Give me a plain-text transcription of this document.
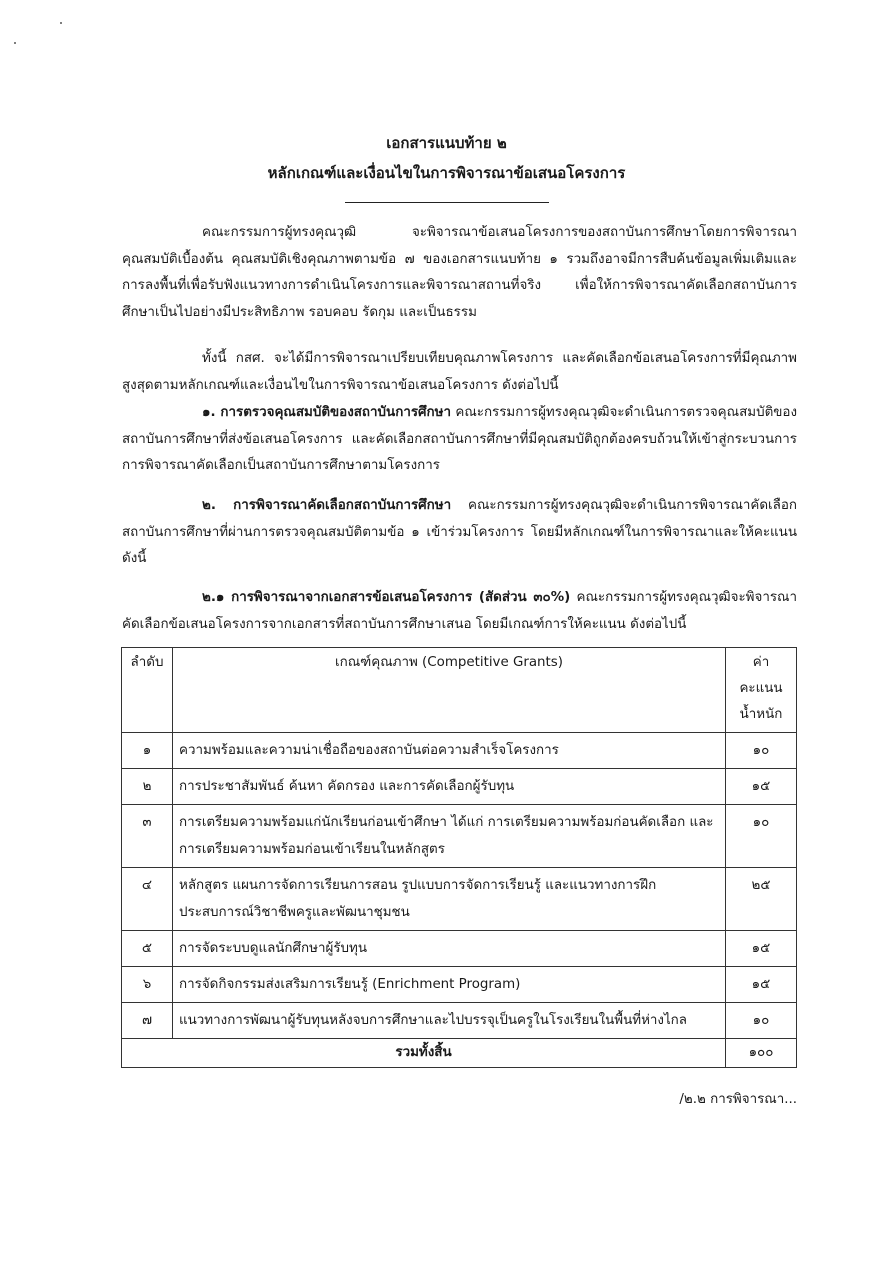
เอกสารแนบท้าย ๒
หลักเกณฑ์และเงื่อนไขในการพิจารณาข้อเสนอโครงการ
คณะกรรมการผู้ทรงคุณวุฒิ จะพิจารณาข้อเสนอโครงการของสถาบันการศึกษาโดยการพิจารณาคุณสมบัติเบื้องต้น คุณสมบัติเชิงคุณภาพตามข้อ ๗ ของเอกสารแนบท้าย ๑ รวมถึงอาจมีการสืบค้นข้อมูลเพิ่มเติมและการลงพื้นที่เพื่อรับฟังแนวทางการดำเนินโครงการและพิจารณาสถานที่จริง เพื่อให้การพิจารณาคัดเลือกสถาบันการศึกษาเป็นไปอย่างมีประสิทธิภาพ รอบคอบ รัดกุม และเป็นธรรม
ทั้งนี้ กสศ. จะได้มีการพิจารณาเปรียบเทียบคุณภาพโครงการ และคัดเลือกข้อเสนอโครงการที่มีคุณภาพสูงสุดตามหลักเกณฑ์และเงื่อนไขในการพิจารณาข้อเสนอโครงการ ดังต่อไปนี้
๑. การตรวจคุณสมบัติของสถาบันการศึกษา คณะกรรมการผู้ทรงคุณวุฒิจะดำเนินการตรวจคุณสมบัติของสถาบันการศึกษาที่ส่งข้อเสนอโครงการ และคัดเลือกสถาบันการศึกษาที่มีคุณสมบัติถูกต้องครบถ้วนให้เข้าสู่กระบวนการการพิจารณาคัดเลือกเป็นสถาบันการศึกษาตามโครงการ
๒. การพิจารณาคัดเลือกสถาบันการศึกษา คณะกรรมการผู้ทรงคุณวุฒิจะดำเนินการพิจารณาคัดเลือกสถาบันการศึกษาที่ผ่านการตรวจคุณสมบัติตามข้อ ๑ เข้าร่วมโครงการ โดยมีหลักเกณฑ์ในการพิจารณาและให้คะแนน ดังนี้
๒.๑ การพิจารณาจากเอกสารข้อเสนอโครงการ (สัดส่วน ๓๐%) คณะกรรมการผู้ทรงคุณวุฒิจะพิจารณาคัดเลือกข้อเสนอโครงการจากเอกสารที่สถาบันการศึกษาเสนอ โดยมีเกณฑ์การให้คะแนน ดังต่อไปนี้
ลำดับ	เกณฑ์คุณภาพ (Competitive Grants)	ค่าคะแนนน้ำหนัก
๑	ความพร้อมและความน่าเชื่อถือของสถาบันต่อความสำเร็จโครงการ	๑๐
๒	การประชาสัมพันธ์ ค้นหา คัดกรอง และการคัดเลือกผู้รับทุน	๑๕
๓	การเตรียมความพร้อมแก่นักเรียนก่อนเข้าศึกษา ได้แก่ การเตรียมความพร้อมก่อนคัดเลือก และ การเตรียมความพร้อมก่อนเข้าเรียนในหลักสูตร	๑๐
๔	หลักสูตร แผนการจัดการเรียนการสอน รูปแบบการจัดการเรียนรู้ และแนวทางการฝึกประสบการณ์วิชาชีพครูและพัฒนาชุมชน	๒๕
๕	การจัดระบบดูแลนักศึกษาผู้รับทุน	๑๕
๖	การจัดกิจกรรมส่งเสริมการเรียนรู้ (Enrichment Program)	๑๕
๗	แนวทางการพัฒนาผู้รับทุนหลังจบการศึกษาและไปบรรจุเป็นครูในโรงเรียนในพื้นที่ห่างไกล	๑๐
รวมทั้งสิ้น		๑๐๐
/๒.๒ การพิจารณา...
